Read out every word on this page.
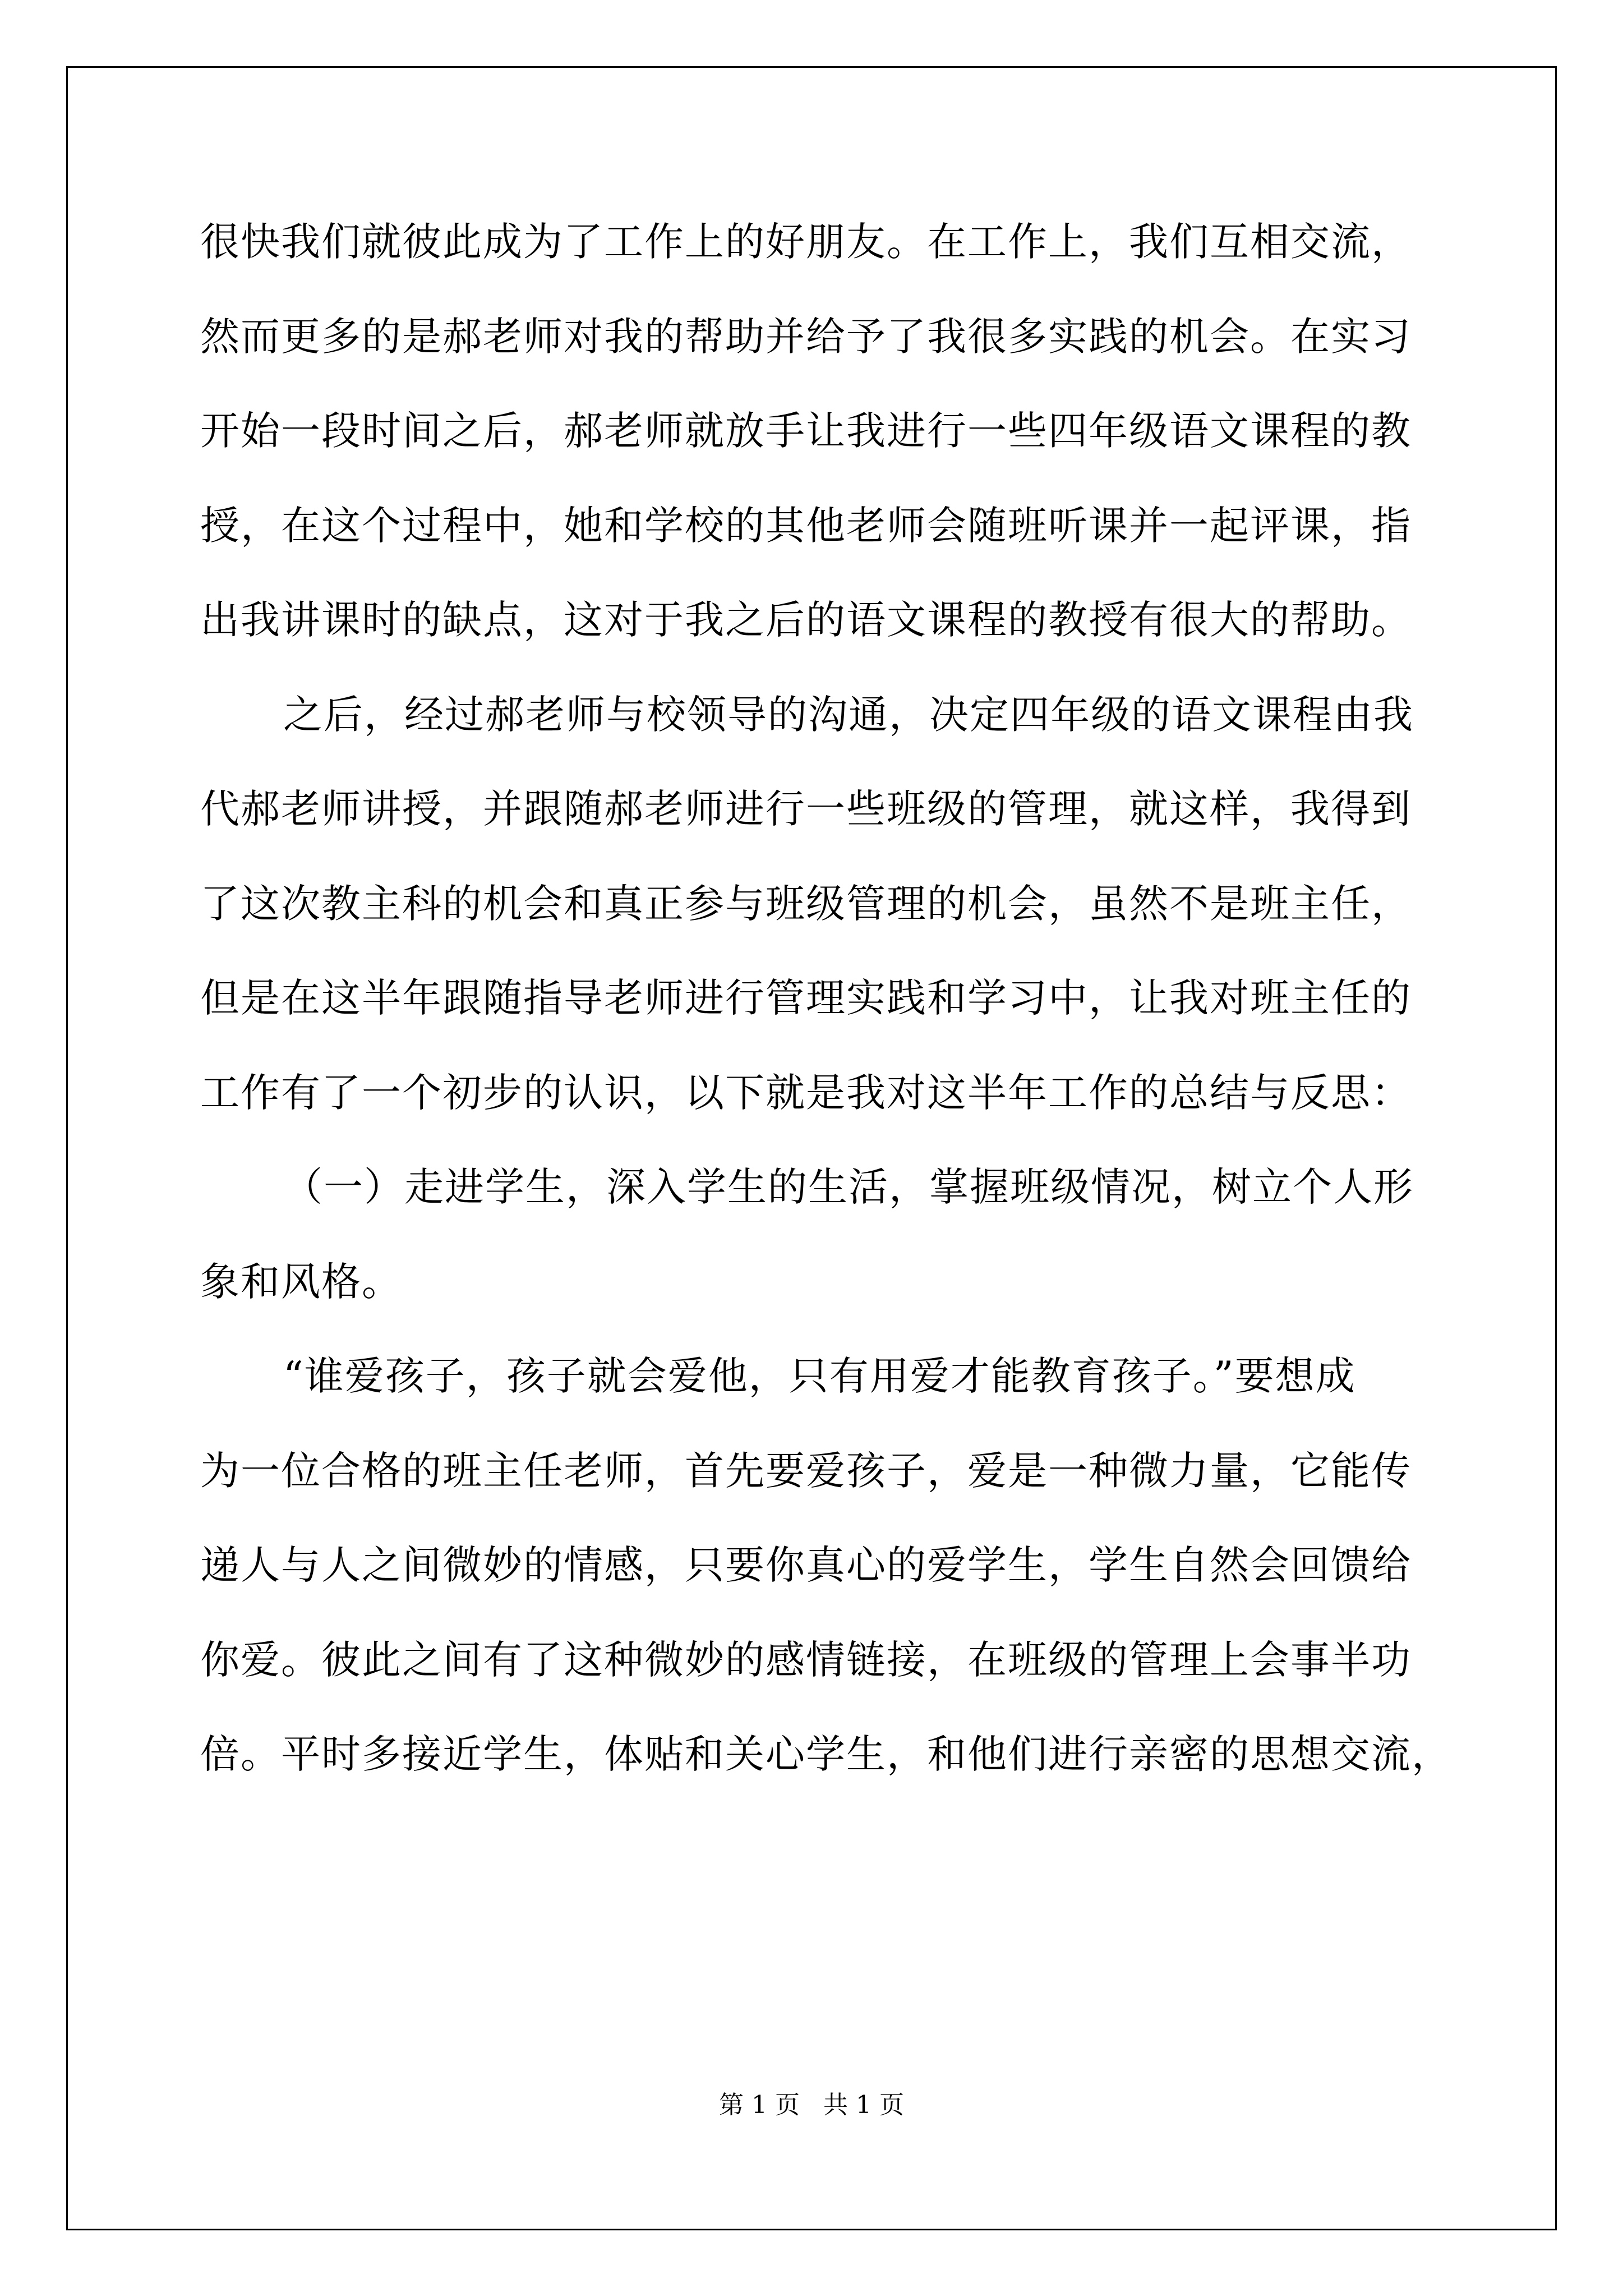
很快我们就彼此成为了工作上的好朋友。在工作上，我们互相交流，
然而更多的是郝老师对我的帮助并给予了我很多实践的机会。在实习
开始一段时间之后，郝老师就放手让我进行一些四年级语文课程的教
授，在这个过程中，她和学校的其他老师会随班听课并一起评课，指
出我讲课时的缺点，这对于我之后的语文课程的教授有很大的帮助。
之后，经过郝老师与校领导的沟通，决定四年级的语文课程由我
代郝老师讲授，并跟随郝老师进行一些班级的管理，就这样，我得到
了这次教主科的机会和真正参与班级管理的机会，虽然不是班主任，
但是在这半年跟随指导老师进行管理实践和学习中，让我对班主任的
工作有了一个初步的认识，以下就是我对这半年工作的总结与反思：
（一）走进学生，深入学生的生活，掌握班级情况，树立个人形
象和风格。
“谁爱孩子，孩子就会爱他，只有用爱才能教育孩子。”要想成
为一位合格的班主任老师，首先要爱孩子，爱是一种微力量，它能传
递人与人之间微妙的情感，只要你真心的爱学生，学生自然会回馈给
你爱。彼此之间有了这种微妙的感情链接，在班级的管理上会事半功
倍。平时多接近学生，体贴和关心学生，和他们进行亲密的思想交流，
第 1 页   共 1 页
